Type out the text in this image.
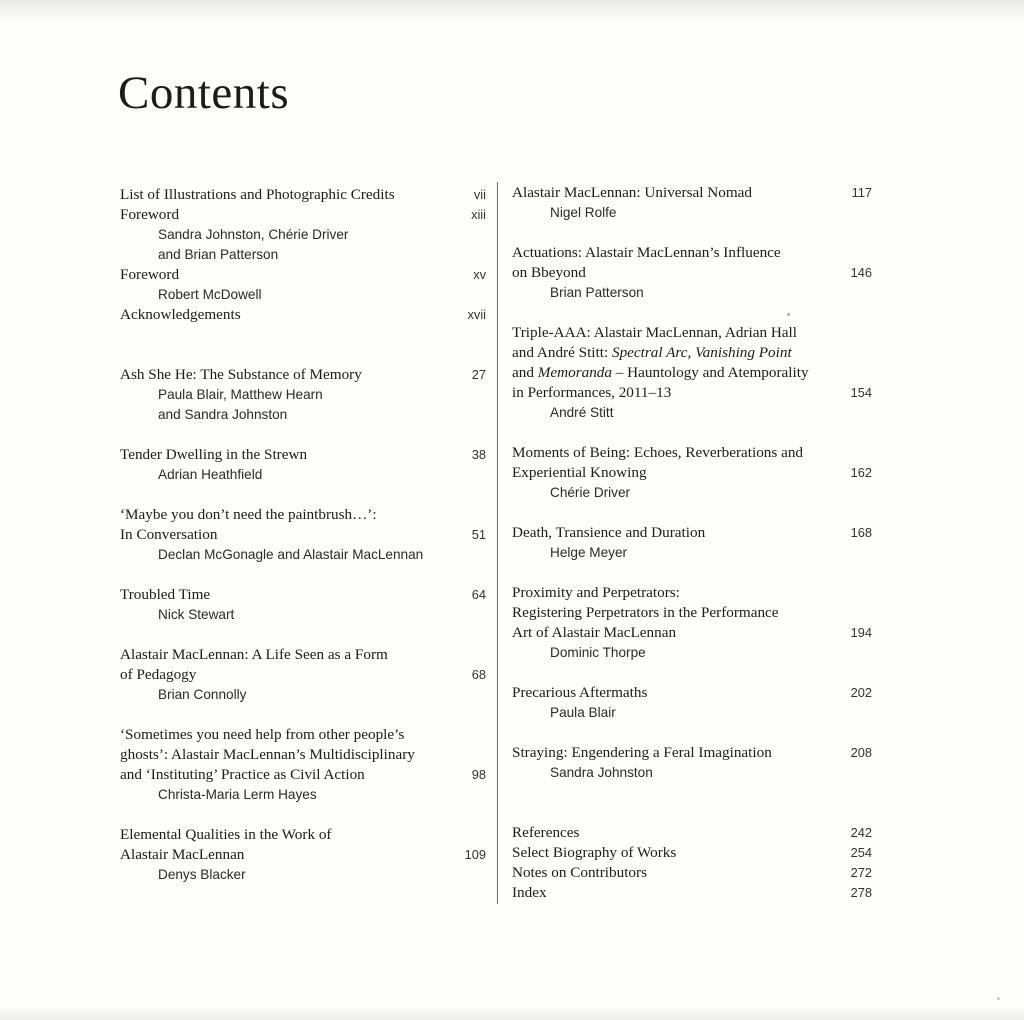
Contents
List of Illustrations and Photographic Credits	vii
Foreword	xiii
Sandra Johnston, Chérie Driver
and Brian Patterson
Foreword	xv
Robert McDowell
Acknowledgements	xvii
Ash She He: The Substance of Memory	27
Paula Blair, Matthew Hearn
and Sandra Johnston
Tender Dwelling in the Strewn	38
Adrian Heathfield
‘Maybe you don’t need the paintbrush…’:
In Conversation	51
Declan McGonagle and Alastair MacLennan
Troubled Time	64
Nick Stewart
Alastair MacLennan: A Life Seen as a Form
of Pedagogy	68
Brian Connolly
‘Sometimes you need help from other people’s
ghosts’: Alastair MacLennan’s Multidisciplinary
and ‘Instituting’ Practice as Civil Action	98
Christa-Maria Lerm Hayes
Elemental Qualities in the Work of
Alastair MacLennan	109
Denys Blacker
Alastair MacLennan: Universal Nomad	117
Nigel Rolfe
Actuations: Alastair MacLennan’s Influence
on Bbeyond	146
Brian Patterson
Triple-AAA: Alastair MacLennan, Adrian Hall
and André Stitt: Spectral Arc, Vanishing Point
and Memoranda – Hauntology and Atemporality
in Performances, 2011–13	154
André Stitt
Moments of Being: Echoes, Reverberations and
Experiential Knowing	162
Chérie Driver
Death, Transience and Duration	168
Helge Meyer
Proximity and Perpetrators:
Registering Perpetrators in the Performance
Art of Alastair MacLennan	194
Dominic Thorpe
Precarious Aftermaths	202
Paula Blair
Straying: Engendering a Feral Imagination	208
Sandra Johnston
References	242
Select Biography of Works	254
Notes on Contributors	272
Index	278
